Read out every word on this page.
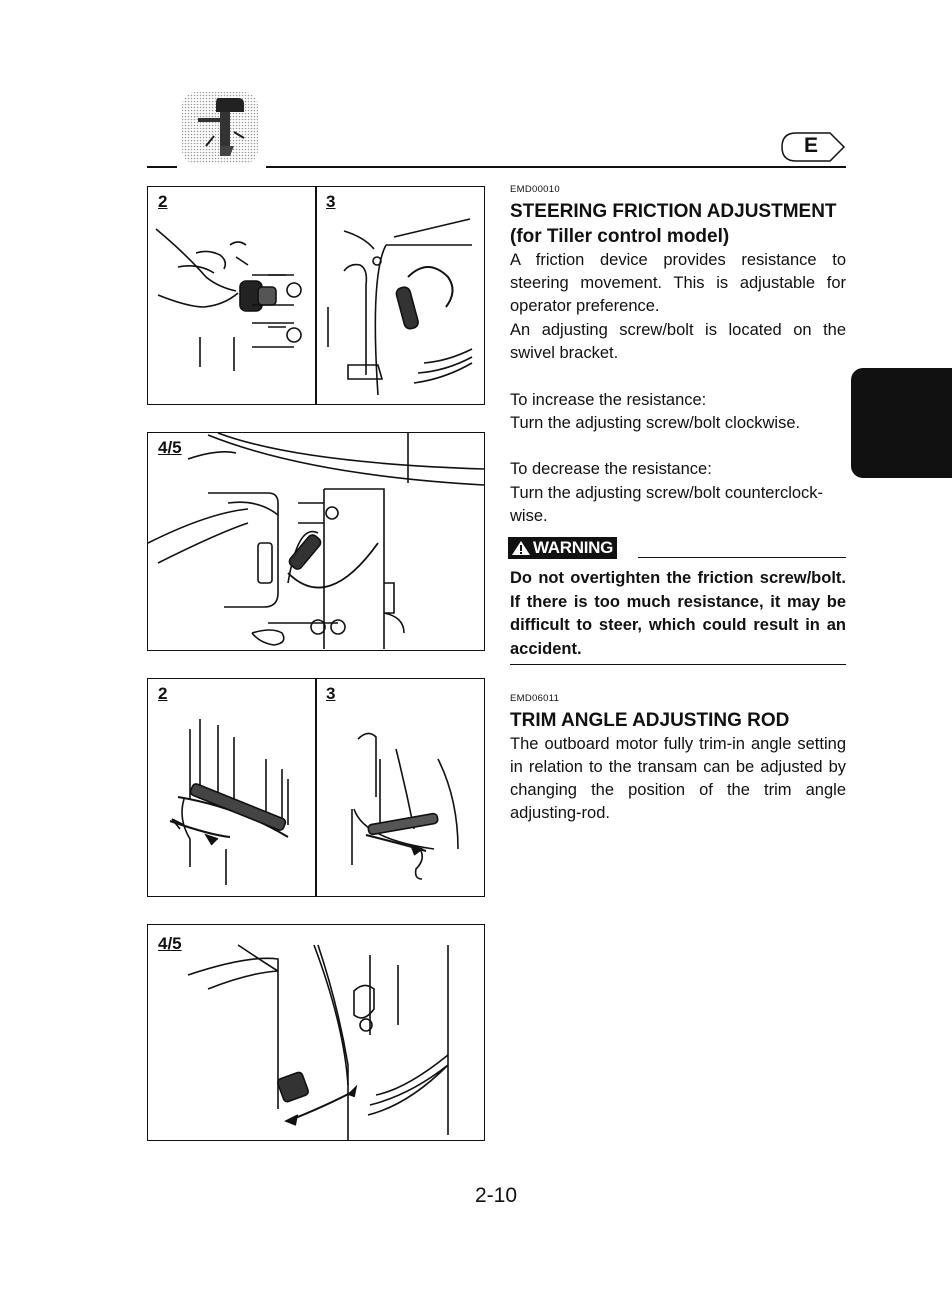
E
2	3
4/5
2	3
4/5
EMD00010
STEERING FRICTION ADJUSTMENT
(for Tiller control model)
A friction device provides resistance to steering movement. This is adjustable for operator preference.
An adjusting screw/bolt is located on the swivel bracket.
To increase the resistance:
Turn the adjusting screw/bolt clockwise.
To decrease the resistance:
Turn the adjusting screw/bolt counterclock-wise.
WARNING
Do not overtighten the friction screw/bolt. If there is too much resistance, it may be difficult to steer, which could result in an accident.
EMD06011
TRIM ANGLE ADJUSTING ROD
The outboard motor fully trim-in angle setting in relation to the transam can be adjusted by changing the position of the trim angle adjusting-rod.
2-10
